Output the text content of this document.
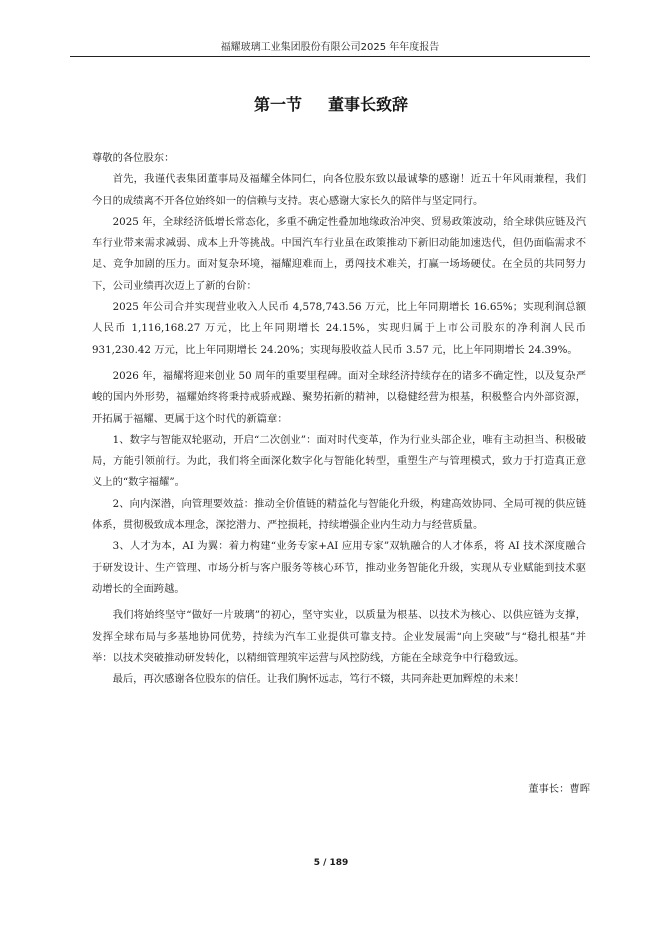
福耀玻璃工业集团股份有限公司2025 年年度报告
第一节 董事长致辞

尊敬的各位股东：

首先，我谨代表集团董事局及福耀全体同仁，向各位股东致以最诚挚的感谢！近五十年风雨兼程，我们今日的成绩离不开各位始终如一的信赖与支持。衷心感谢大家长久的陪伴与坚定同行。

2025 年，全球经济低增长常态化，多重不确定性叠加地缘政治冲突、贸易政策波动，给全球供应链及汽车行业带来需求减弱、成本上升等挑战。中国汽车行业虽在政策推动下新旧动能加速迭代，但仍面临需求不足、竞争加剧的压力。面对复杂环境，福耀迎难而上，勇闯技术难关，打赢一场场硬仗。在全员的共同努力下，公司业绩再次迈上了新的台阶：

2025 年公司合并实现营业收入人民币 4,578,743.56 万元，比上年同期增长 16.65%；实现利润总额人民币 1,116,168.27 万元，比上年同期增长 24.15%，实现归属于上市公司股东的净利润人民币 931,230.42 万元，比上年同期增长 24.20%；实现每股收益人民币 3.57 元，比上年同期增长 24.39%。

2026 年，福耀将迎来创业 50 周年的重要里程碑。面对全球经济持续存在的诸多不确定性，以及复杂严峻的国内外形势，福耀始终将秉持戒骄戒躁、聚势拓新的精神，以稳健经营为根基，积极整合内外部资源，开拓属于福耀、更属于这个时代的新篇章：

1、数字与智能双轮驱动，开启“二次创业”：面对时代变革，作为行业头部企业，唯有主动担当、积极破局，方能引领前行。为此，我们将全面深化数字化与智能化转型，重塑生产与管理模式，致力于打造真正意义上的“数字福耀”。

2、向内深潜，向管理要效益：推动全价值链的精益化与智能化升级，构建高效协同、全局可视的供应链体系，贯彻极致成本理念，深挖潜力、严控损耗，持续增强企业内生动力与经营质量。

3、人才为本，AI 为翼：着力构建“业务专家+AI 应用专家”双轨融合的人才体系，将 AI 技术深度融合于研发设计、生产管理、市场分析与客户服务等核心环节，推动业务智能化升级，实现从专业赋能到技术驱动增长的全面跨越。

我们将始终坚守“做好一片玻璃”的初心，坚守实业，以质量为根基、以技术为核心、以供应链为支撑，发挥全球布局与多基地协同优势，持续为汽车工业提供可靠支持。企业发展需“向上突破”与“稳扎根基”并举：以技术突破推动研发转化，以精细管理筑牢运营与风控防线，方能在全球竞争中行稳致远。

最后，再次感谢各位股东的信任。让我们胸怀远志，笃行不辍，共同奔赴更加辉煌的未来！

董事长：曹晖
5 / 189
